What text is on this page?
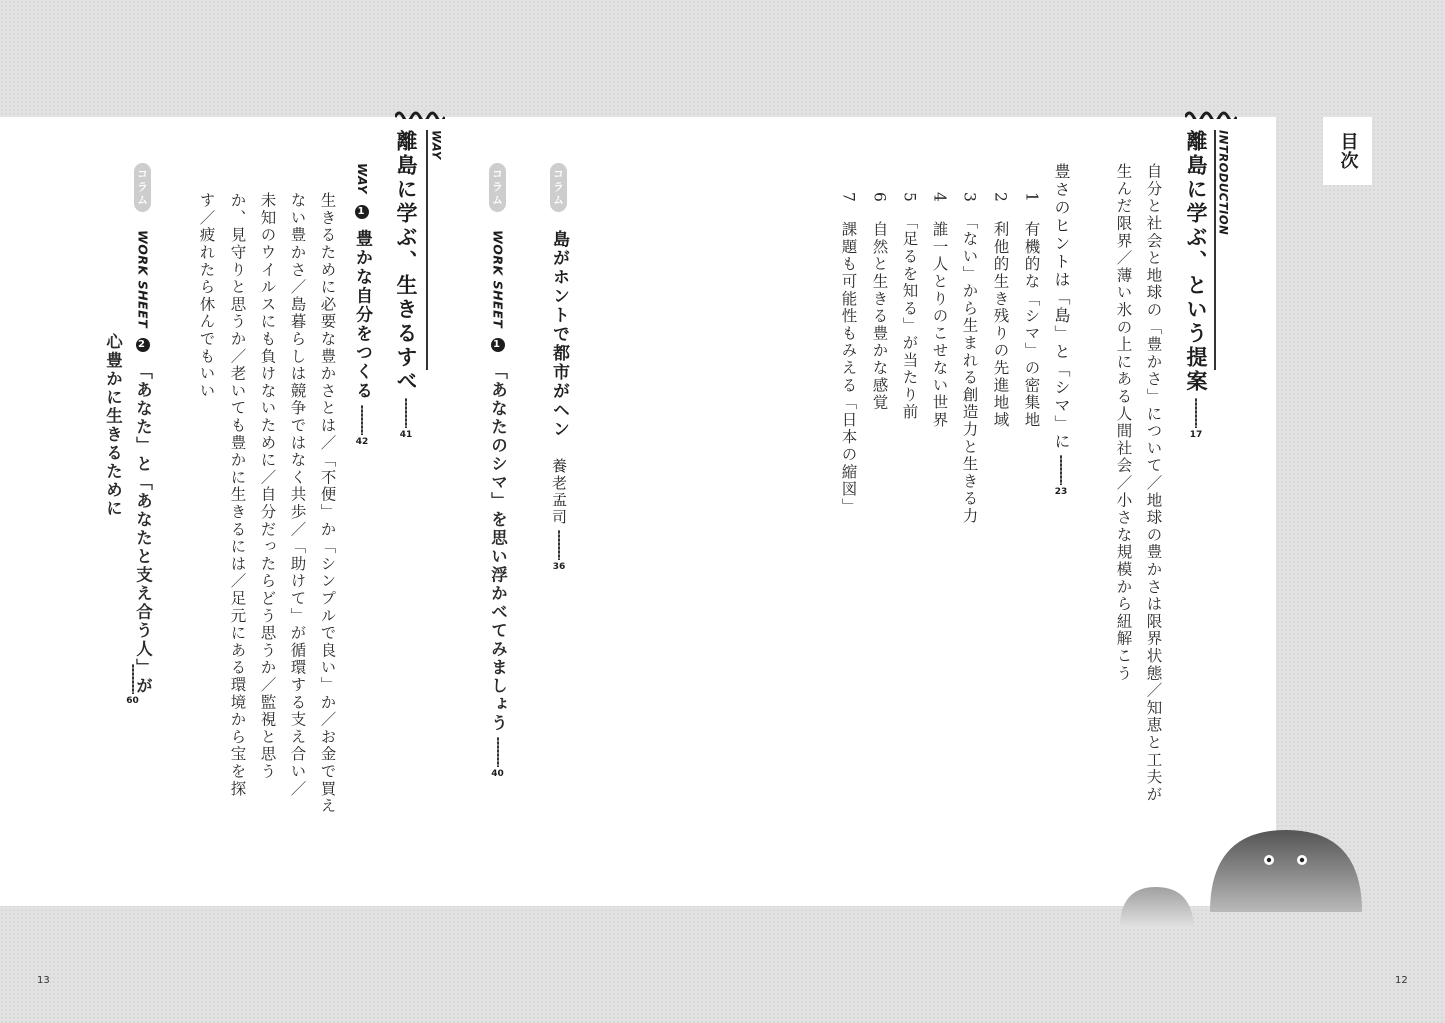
目次
INTRODUCTION
離島に学ぶ、という提案17
自分と社会と地球の「豊かさ」について／地球の豊かさは限界状態／知恵と工夫が
生んだ限界／薄い氷の上にある人間社会／小さな規模から紐解こう
豊さのヒントは「島」と「シマ」に23
1　有機的な「シマ」の密集地
2　利他的生き残りの先進地域
3　「ない」から生まれる創造力と生きる力
4　誰一人とりのこせない世界
5　「足るを知る」が当たり前
6　自然と生きる豊かな感覚
7　課題も可能性もみえる「日本の縮図」
コラム
島がホントで都市がヘン　養老孟司36
コラム
WORK SHEET 1 「あなたのシマ」を思い浮かべてみましょう40
WAY
離島に学ぶ、生きるすべ41
WAY 1 豊かな自分をつくる42
生きるために必要な豊かさとは／「不便」か「シンプルで良い」か／お金で買え
ない豊かさ／島暮らしは競争ではなく共歩／「助けて」が循環する支え合い／
未知のウイルスにも負けないために／自分だったらどう思うか／監視と思う
か、見守りと思うか／老いても豊かに生きるには／足元にある環境から宝を探
す／疲れたら休んでもいい
コラム
WORK SHEET 2 「あなた」と「あなたと支え合う人」が
心豊かに生きるために
60
13	12
